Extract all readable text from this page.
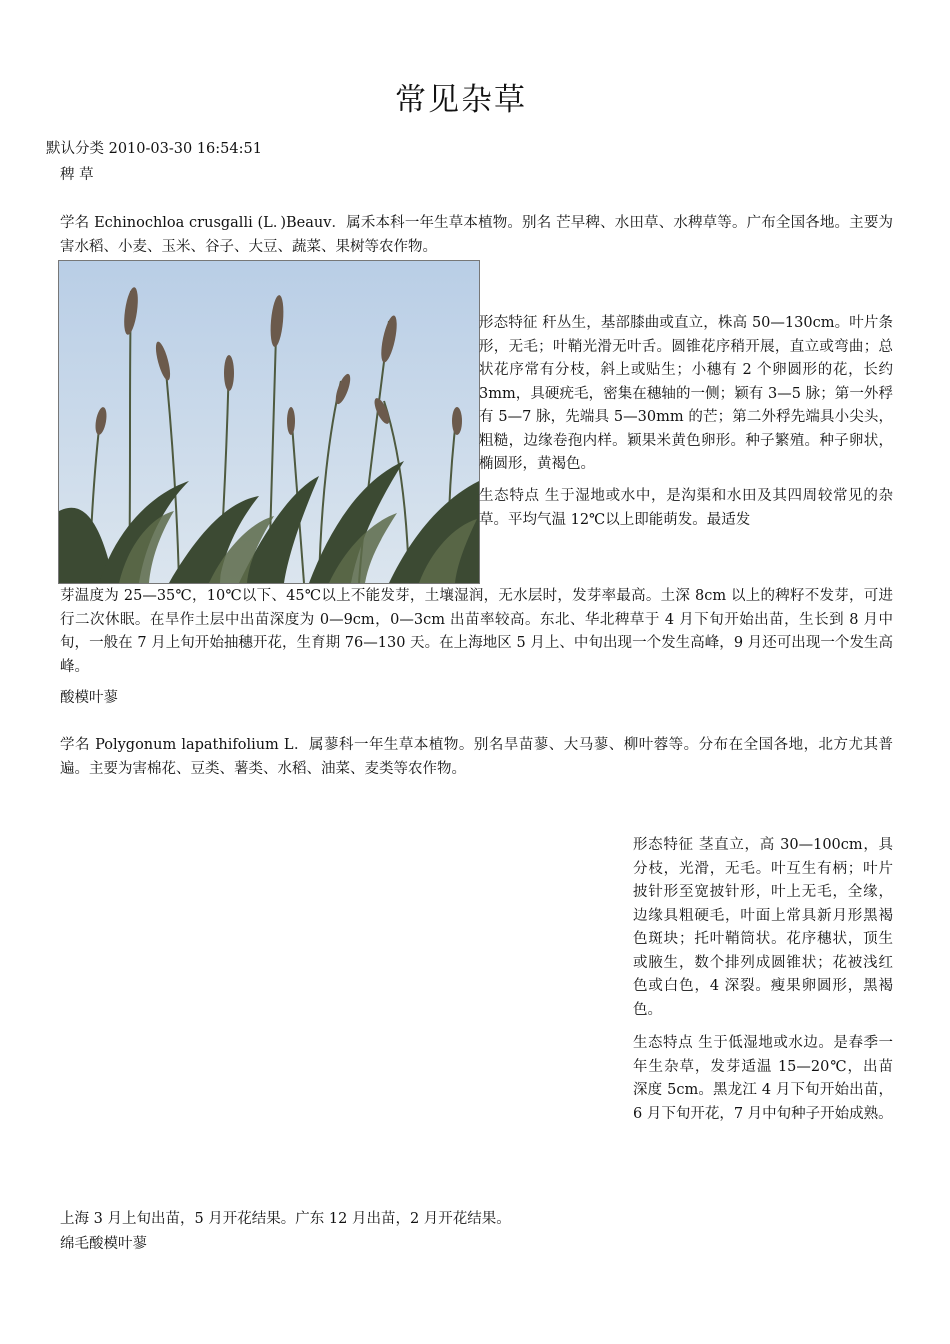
常见杂草
默认分类 2010-03-30 16:54:51
稗 草

学名 Echinochloa crusgalli (L．)Beauv．属禾本科一年生草本植物。别名 芒早稗、水田草、水稗草等。广布全国各地。主要为害水稻、小麦、玉米、谷子、大豆、蔬菜、果树等农作物。

形态特征 秆丛生，基部膝曲或直立，株高 50—130cm。叶片条形，无毛；叶鞘光滑无叶舌。圆锥花序稍开展，直立或弯曲；总状花序常有分枝，斜上或贴生；小穗有 2 个卵圆形的花，长约 3mm，具硬疣毛，密集在穗轴的一侧；颖有 3—5 脉；第一外稃有 5—7 脉，先端具 5—30mm 的芒；第二外稃先端具小尖头，粗糙，边缘卷孢内样。颖果米黄色卵形。种子繁殖。种子卵状，椭圆形，黄褐色。

生态特点 生于湿地或水中，是沟渠和水田及其四周较常见的杂草。平均气温 12℃以上即能萌发。最适发

芽温度为 25—35℃，10℃以下、45℃以上不能发芽，土壤湿润，无水层时，发芽率最高。土深 8cm 以上的稗籽不发芽，可进行二次休眠。在旱作土层中出苗深度为 0—9cm，0—3cm 出苗率较高。东北、华北稗草于 4 月下旬开始出苗，生长到 8 月中旬，一般在 7 月上旬开始抽穗开花，生育期 76—130 天。在上海地区 5 月上、中旬出现一个发生高峰，9 月还可出现一个发生高峰。

酸模叶蓼

学名 Polygonum lapathifolium L．属蓼科一年生草本植物。别名旱苗蓼、大马蓼、柳叶蓉等。分布在全国各地，北方尤其普遍。主要为害棉花、豆类、薯类、水稻、油菜、麦类等农作物。

形态特征 茎直立，高 30—100cm，具分枝，光滑，无毛。叶互生有柄；叶片披针形至宽披针形，叶上无毛，全缘，边缘具粗硬毛，叶面上常具新月形黑褐色斑块；托叶鞘筒状。花序穗状，顶生或腋生，数个排列成圆锥状；花被浅红色或白色，4 深裂。瘦果卵圆形，黑褐色。

生态特点 生于低湿地或水边。是春季一年生杂草，发芽适温 15—20℃，出苗深度 5cm。黑龙江 4 月下旬开始出苗，6 月下旬开花，7 月中旬种子开始成熟。

上海 3 月上旬出苗，5 月开花结果。广东 12 月出苗，2 月开花结果。

绵毛酸模叶蓼
